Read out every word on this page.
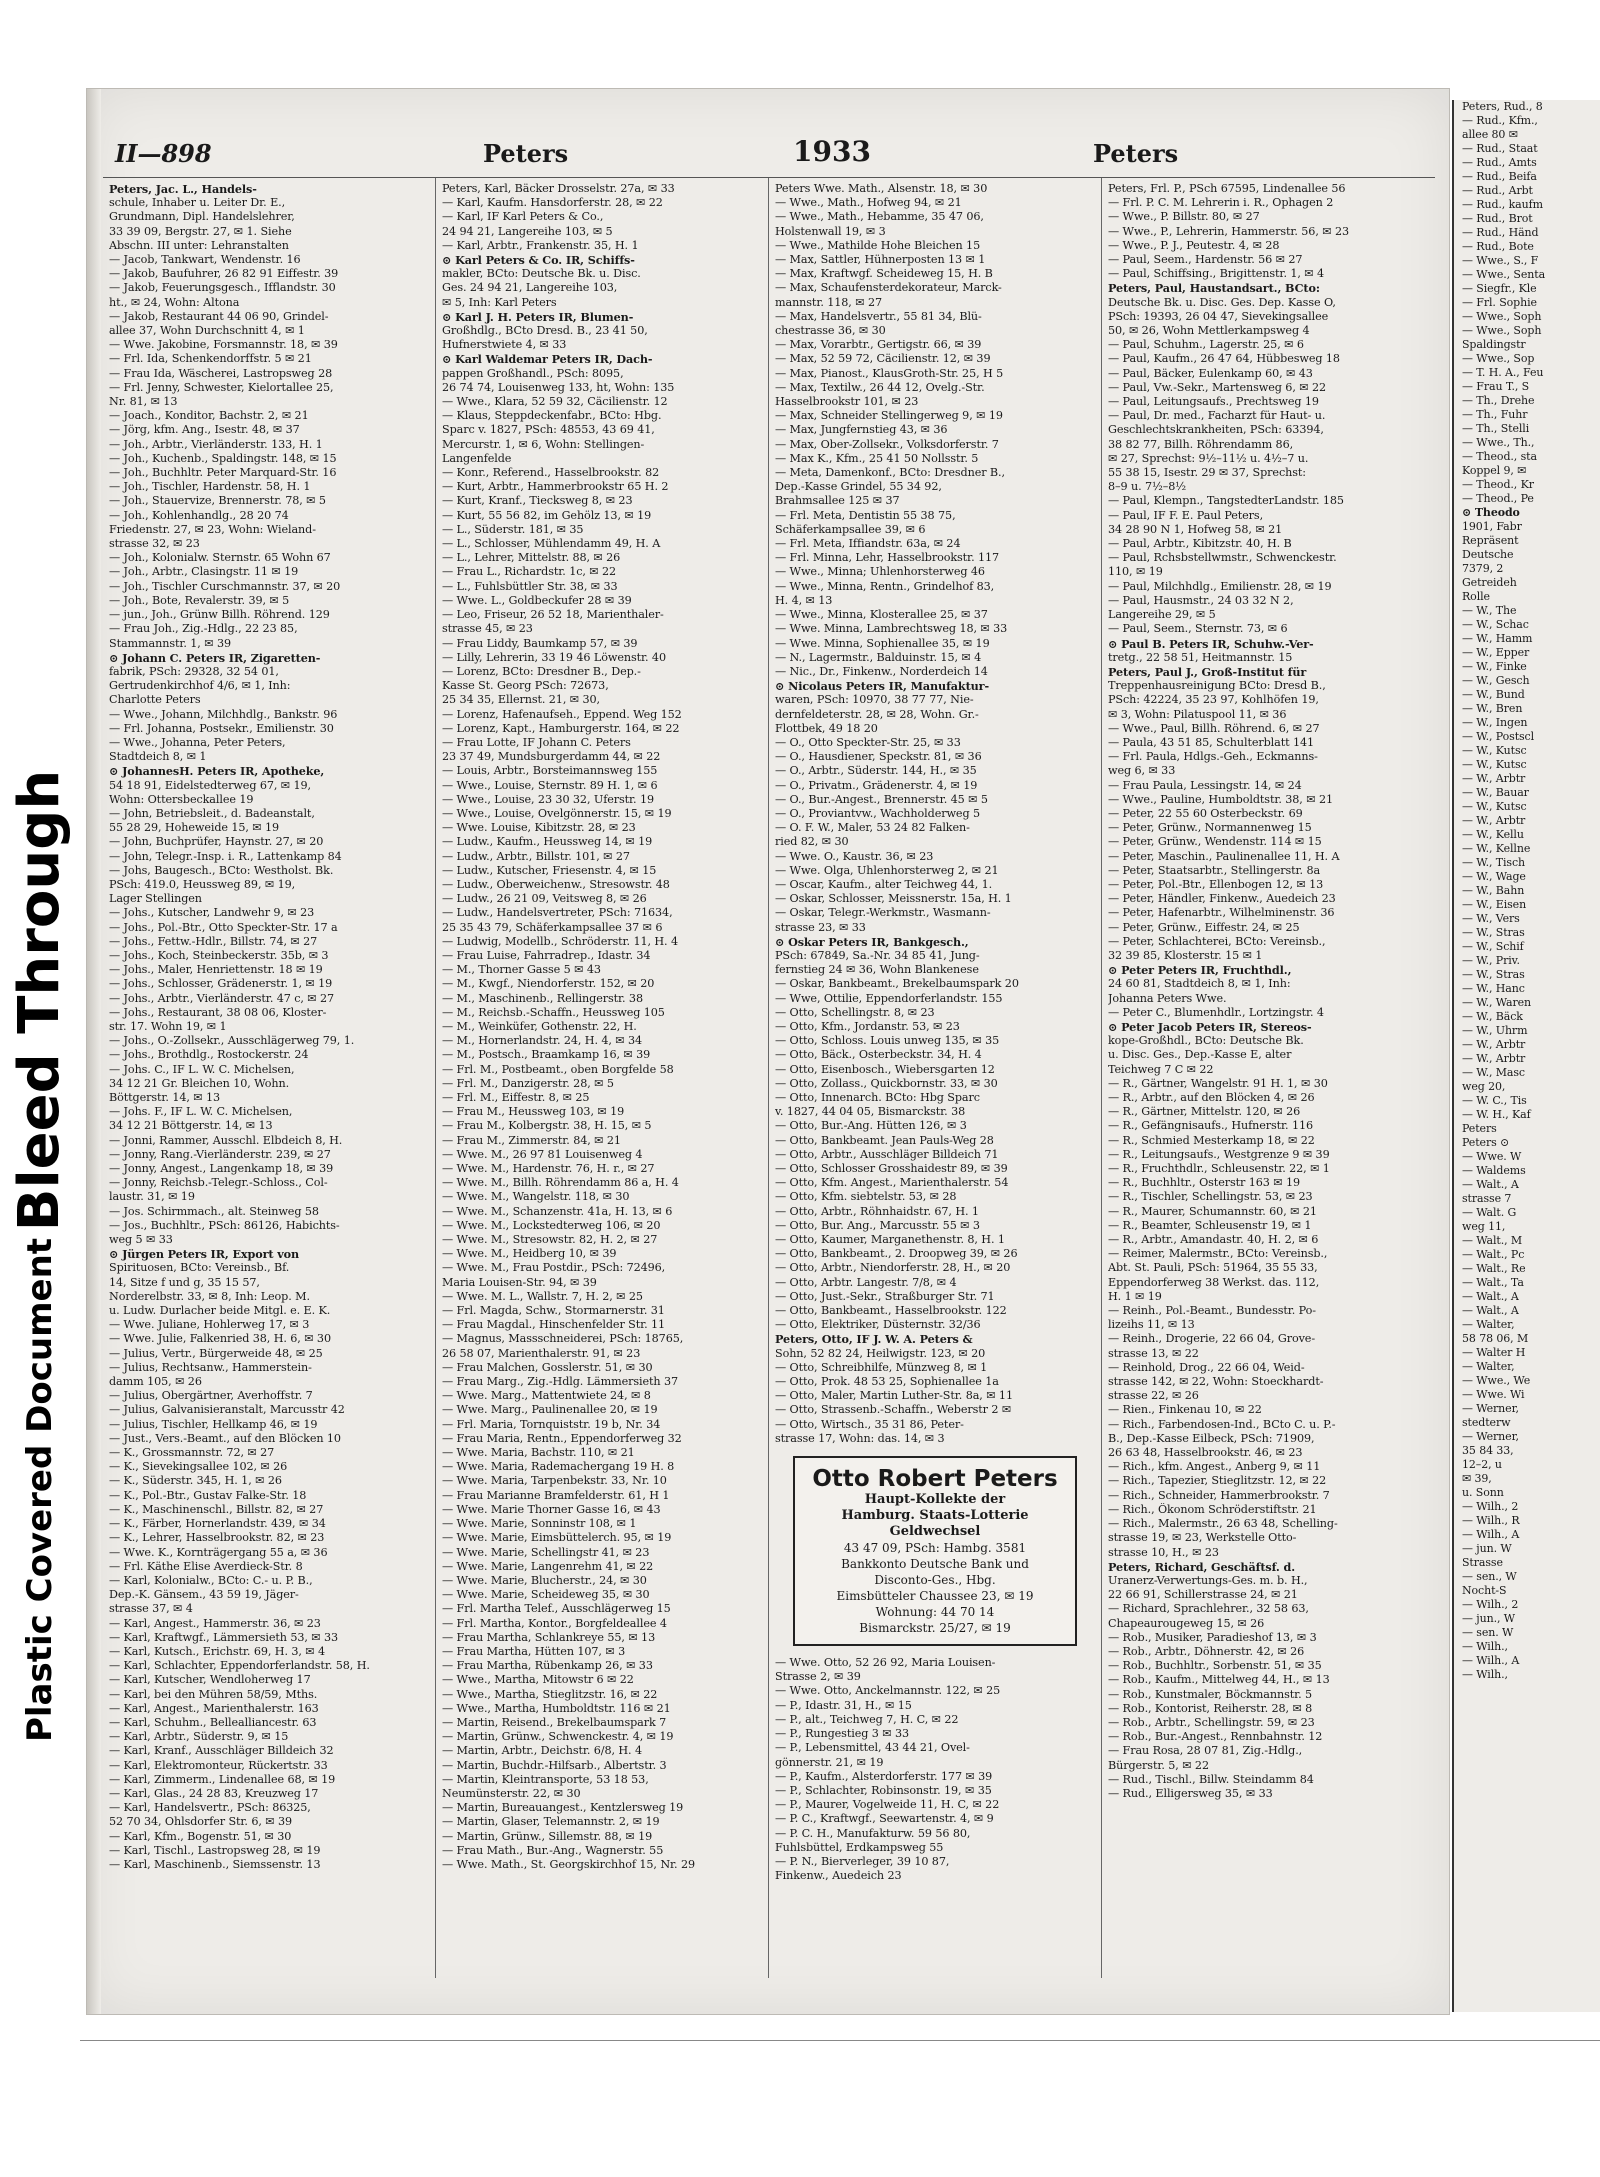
Bleed Through
Plastic Covered Document
II—898	Peters	1933	Peters
Peters, Jac. L., Handels-
schule, Inhaber u. Leiter Dr. E.,
Grundmann, Dipl. Handelslehrer,
33 39 09, Bergstr. 27, ✉ 1. Siehe
Abschn. III unter: Lehranstalten
— Jacob, Tankwart, Wendenstr. 16
— Jakob, Baufuhrer, 26 82 91 Eiffestr. 39
— Jakob, Feuerungsgesch., Ifflandstr. 30
ht., ✉ 24, Wohn: Altona
— Jakob, Restaurant 44 06 90, Grindel-
allee 37, Wohn Durchschnitt 4, ✉ 1
— Wwe. Jakobine, Forsmannstr. 18, ✉ 39
— Frl. Ida, Schenkendorffstr. 5 ✉ 21
— Frau Ida, Wäscherei, Lastropsweg 28
— Frl. Jenny, Schwester, Kielortallee 25,
Nr. 81, ✉ 13
— Joach., Konditor, Bachstr. 2, ✉ 21
— Jörg, kfm. Ang., Isestr. 48, ✉ 37
— Joh., Arbtr., Vierländerstr. 133, H. 1
— Joh., Kuchenb., Spaldingstr. 148, ✉ 15
— Joh., Buchhltr. Peter Marquard-Str. 16
— Joh., Tischler, Hardenstr. 58, H. 1
— Joh., Stauervize, Brennerstr. 78, ✉ 5
— Joh., Kohlenhandlg., 28 20 74
Friedenstr. 27, ✉ 23, Wohn: Wieland-
strasse 32, ✉ 23
— Joh., Kolonialw. Sternstr. 65 Wohn 67
— Joh., Arbtr., Clasingstr. 11 ✉ 19
— Joh., Tischler Curschmannstr. 37, ✉ 20
— Joh., Bote, Revalerstr. 39, ✉ 5
— jun., Joh., Grünw Billh. Röhrend. 129
— Frau Joh., Zig.-Hdlg., 22 23 85,
Stammannstr. 1, ✉ 39
⊙ Johann C. Peters IR, Zigaretten-
fabrik, PSch: 29328, 32 54 01,
Gertrudenkirchhof 4/6, ✉ 1, Inh:
Charlotte Peters
— Wwe., Johann, Milchhdlg., Bankstr. 96
— Frl. Johanna, Postsekr., Emilienstr. 30
— Wwe., Johanna, Peter Peters,
Stadtdeich 8, ✉ 1
⊙ JohannesH. Peters IR, Apotheke,
54 18 91, Eidelstedterweg 67, ✉ 19,
Wohn: Ottersbeckallee 19
— John, Betriebsleit., d. Badeanstalt,
55 28 29, Hoheweide 15, ✉ 19
— John, Buchprüfer, Haynstr. 27, ✉ 20
— John, Telegr.-Insp. i. R., Lattenkamp 84
— Johs, Baugesch., BCto: Westholst. Bk.
PSch: 419.0, Heussweg 89, ✉ 19,
Lager Stellingen
— Johs., Kutscher, Landwehr 9, ✉ 23
— Johs., Pol.-Btr., Otto Speckter-Str. 17 a
— Johs., Fettw.-Hdlr., Billstr. 74, ✉ 27
— Johs., Koch, Steinbeckerstr. 35b, ✉ 3
— Johs., Maler, Henriettenstr. 18 ✉ 19
— Johs., Schlosser, Grädenerstr. 1, ✉ 19
— Johs., Arbtr., Vierländerstr. 47 c, ✉ 27
— Johs., Restaurant, 38 08 06, Kloster-
str. 17. Wohn 19, ✉ 1
— Johs., O.-Zollsekr., Ausschlägerweg 79, 1.
— Johs., Brothdlg., Rostockerstr. 24
— Johs. C., IF L. W. C. Michelsen,
34 12 21 Gr. Bleichen 10, Wohn.
Böttgerstr. 14, ✉ 13
— Johs. F., IF L. W. C. Michelsen,
34 12 21 Böttgerstr. 14, ✉ 13
— Jonni, Rammer, Ausschl. Elbdeich 8, H.
— Jonny, Rang.-Vierländerstr. 239, ✉ 27
— Jonny, Angest., Langenkamp 18, ✉ 39
— Jonny, Reichsb.-Telegr.-Schloss., Col-
laustr. 31, ✉ 19
— Jos. Schirmmach., alt. Steinweg 58
— Jos., Buchhltr., PSch: 86126, Habichts-
weg 5 ✉ 33
⊙ Jürgen Peters IR, Export von
Spirituosen, BCto: Vereinsb., Bf.
14, Sitze f und g, 35 15 57,
Norderelbstr. 33, ✉ 8, Inh: Leop. M.
u. Ludw. Durlacher beide Mitgl. e. E. K.
— Wwe. Juliane, Hohlerweg 17, ✉ 3
— Wwe. Julie, Falkenried 38, H. 6, ✉ 30
— Julius, Vertr., Bürgerweide 48, ✉ 25
— Julius, Rechtsanw., Hammerstein-
damm 105, ✉ 26
— Julius, Obergärtner, Averhoffstr. 7
— Julius, Galvanisieranstalt, Marcusstr 42
— Julius, Tischler, Hellkamp 46, ✉ 19
— Just., Vers.-Beamt., auf den Blöcken 10
— K., Grossmannstr. 72, ✉ 27
— K., Sievekingsallee 102, ✉ 26
— K., Süderstr. 345, H. 1, ✉ 26
— K., Pol.-Btr., Gustav Falke-Str. 18
— K., Maschinenschl., Billstr. 82, ✉ 27
— K., Färber, Hornerlandstr. 439, ✉ 34
— K., Lehrer, Hasselbrookstr. 82, ✉ 23
— Wwe. K., Kornträgergang 55 a, ✉ 36
— Frl. Käthe Elise Averdieck-Str. 8
— Karl, Kolonialw., BCto: C.- u. P. B.,
Dep.-K. Gänsem., 43 59 19, Jäger-
strasse 37, ✉ 4
— Karl, Angest., Hammerstr. 36, ✉ 23
— Karl, Kraftwgf., Lämmersieth 53, ✉ 33
— Karl, Kutsch., Erichstr. 69, H. 3, ✉ 4
— Karl, Schlachter, Eppendorferlandstr. 58, H.
— Karl, Kutscher, Wendloherweg 17
— Karl, bei den Mühren 58/59, Mths.
— Karl, Angest., Marienthalerstr. 163
— Karl, Schuhm., Bellealliancestr. 63
— Karl, Arbtr., Süderstr. 9, ✉ 15
— Karl, Kranf., Ausschläger Billdeich 32
— Karl, Elektromonteur, Rückertstr. 33
— Karl, Zimmerm., Lindenallee 68, ✉ 19
— Karl, Glas., 24 28 83, Kreuzweg 17
— Karl, Handelsvertr., PSch: 86325,
52 70 34, Ohlsdorfer Str. 6, ✉ 39
— Karl, Kfm., Bogenstr. 51, ✉ 30
— Karl, Tischl., Lastropsweg 28, ✉ 19
— Karl, Maschinenb., Siemssenstr. 13
Peters, Karl, Bäcker Drosselstr. 27a, ✉ 33
— Karl, Kaufm. Hansdorferstr. 28, ✉ 22
— Karl, IF Karl Peters & Co.,
24 94 21, Langereihe 103, ✉ 5
— Karl, Arbtr., Frankenstr. 35, H. 1
⊙ Karl Peters & Co. IR, Schiffs-
makler, BCto: Deutsche Bk. u. Disc.
Ges. 24 94 21, Langereihe 103,
✉ 5, Inh: Karl Peters
⊙ Karl J. H. Peters IR, Blumen-
Großhdlg., BCto Dresd. B., 23 41 50,
Hufnerstwiete 4, ✉ 33
⊙ Karl Waldemar Peters IR, Dach-
pappen Großhandl., PSch: 8095,
26 74 74, Louisenweg 133, ht, Wohn: 135
— Wwe., Klara, 52 59 32, Cäcilienstr. 12
— Klaus, Steppdeckenfabr., BCto: Hbg.
Sparc v. 1827, PSch: 48553, 43 69 41,
Mercurstr. 1, ✉ 6, Wohn: Stellingen-
Langenfelde
— Konr., Referend., Hasselbrookstr. 82
— Kurt, Arbtr., Hammerbrookstr 65 H. 2
— Kurt, Kranf., Tiecksweg 8, ✉ 23
— Kurt, 55 56 82, im Gehölz 13, ✉ 19
— L., Süderstr. 181, ✉ 35
— L., Schlosser, Mühlendamm 49, H. A
— L., Lehrer, Mittelstr. 88, ✉ 26
— Frau L., Richardstr. 1c, ✉ 22
— L., Fuhlsbüttler Str. 38, ✉ 33
— Wwe. L., Goldbeckufer 28 ✉ 39
— Leo, Friseur, 26 52 18, Marienthaler-
strasse 45, ✉ 23
— Frau Liddy, Baumkamp 57, ✉ 39
— Lilly, Lehrerin, 33 19 46 Löwenstr. 40
— Lorenz, BCto: Dresdner B., Dep.-
Kasse St. Georg PSch: 72673,
25 34 35, Ellernst. 21, ✉ 30,
— Lorenz, Hafenaufseh., Eppend. Weg 152
— Lorenz, Kapt., Hamburgerstr. 164, ✉ 22
— Frau Lotte, IF Johann C. Peters
23 37 49, Mundsburgerdamm 44, ✉ 22
— Louis, Arbtr., Borsteimannsweg 155
— Wwe., Louise, Sternstr. 89 H. 1, ✉ 6
— Wwe., Louise, 23 30 32, Uferstr. 19
— Wwe., Louise, Ovelgönnerstr. 15, ✉ 19
— Wwe. Louise, Kibitzstr. 28, ✉ 23
— Ludw., Kaufm., Heussweg 14, ✉ 19
— Ludw., Arbtr., Billstr. 101, ✉ 27
— Ludw., Kutscher, Friesenstr. 4, ✉ 15
— Ludw., Oberweichenw., Stresowstr. 48
— Ludw., 26 21 09, Veitsweg 8, ✉ 26
— Ludw., Handelsvertreter, PSch: 71634,
25 35 43 79, Schäferkampsallee 37 ✉ 6
— Ludwig, Modellb., Schröderstr. 11, H. 4
— Frau Luise, Fahrradrep., Idastr. 34
— M., Thorner Gasse 5 ✉ 43
— M., Kwgf., Niendorferstr. 152, ✉ 20
— M., Maschinenb., Rellingerstr. 38
— M., Reichsb.-Schaffn., Heussweg 105
— M., Weinküfer, Gothenstr. 22, H.
— M., Hornerlandstr. 24, H. 4, ✉ 34
— M., Postsch., Braamkamp 16, ✉ 39
— Frl. M., Postbeamt., oben Borgfelde 58
— Frl. M., Danzigerstr. 28, ✉ 5
— Frl. M., Eiffestr. 8, ✉ 25
— Frau M., Heussweg 103, ✉ 19
— Frau M., Kolbergstr. 38, H. 15, ✉ 5
— Frau M., Zimmerstr. 84, ✉ 21
— Wwe. M., 26 97 81 Louisenweg 4
— Wwe. M., Hardenstr. 76, H. r., ✉ 27
— Wwe. M., Billh. Röhrendamm 86 a, H. 4
— Wwe. M., Wangelstr. 118, ✉ 30
— Wwe. M., Schanzenstr. 41a, H. 13, ✉ 6
— Wwe. M., Lockstedterweg 106, ✉ 20
— Wwe. M., Stresowstr. 82, H. 2, ✉ 27
— Wwe. M., Heidberg 10, ✉ 39
— Wwe. M., Frau Postdir., PSch: 72496,
Maria Louisen-Str. 94, ✉ 39
— Wwe. M. L., Wallstr. 7, H. 2, ✉ 25
— Frl. Magda, Schw., Stormarnerstr. 31
— Frau Magdal., Hinschenfelder Str. 11
— Magnus, Massschneiderei, PSch: 18765,
26 58 07, Marienthalerstr. 91, ✉ 23
— Frau Malchen, Gosslerstr. 51, ✉ 30
— Frau Marg., Zig.-Hdlg. Lämmersieth 37
— Wwe. Marg., Mattentwiete 24, ✉ 8
— Wwe. Marg., Paulinenallee 20, ✉ 19
— Frl. Maria, Tornquiststr. 19 b, Nr. 34
— Frau Maria, Rentn., Eppendorferweg 32
— Wwe. Maria, Bachstr. 110, ✉ 21
— Wwe. Maria, Rademachergang 19 H. 8
— Wwe. Maria, Tarpenbekstr. 33, Nr. 10
— Frau Marianne Bramfelderstr. 61, H 1
— Wwe. Marie Thorner Gasse 16, ✉ 43
— Wwe. Marie, Sonninstr 108, ✉ 1
— Wwe. Marie, Eimsbüttelerch. 95, ✉ 19
— Wwe. Marie, Schellingstr 41, ✉ 23
— Wwe. Marie, Langenrehm 41, ✉ 22
— Wwe. Marie, Blucherstr., 24, ✉ 30
— Wwe. Marie, Scheideweg 35, ✉ 30
— Frl. Martha Telef., Ausschlägerweg 15
— Frl. Martha, Kontor., Borgfeldeallee 4
— Frau Martha, Schlankreye 55, ✉ 13
— Frau Martha, Hütten 107, ✉ 3
— Frau Martha, Rübenkamp 26, ✉ 33
— Wwe., Martha, Mitowstr 6 ✉ 22
— Wwe., Martha, Stieglitzstr. 16, ✉ 22
— Wwe., Martha, Humboldtstr. 116 ✉ 21
— Martin, Reisend., Brekelbaumspark 7
— Martin, Grünw., Schwenckestr. 4, ✉ 19
— Martin, Arbtr., Deichstr. 6/8, H. 4
— Martin, Buchdr.-Hilfsarb., Albertstr. 3
— Martin, Kleintransporte, 53 18 53,
Neumünsterstr. 22, ✉ 30
— Martin, Bureauangest., Kentzlersweg 19
— Martin, Glaser, Telemannstr. 2, ✉ 19
— Martin, Grünw., Sillemstr. 88, ✉ 19
— Frau Math., Bur.-Ang., Wagnerstr. 55
— Wwe. Math., St. Georgskirchhof 15, Nr. 29
Peters Wwe. Math., Alsenstr. 18, ✉ 30
— Wwe., Math., Hofweg 94, ✉ 21
— Wwe., Math., Hebamme, 35 47 06,
Holstenwall 19, ✉ 3
— Wwe., Mathilde Hohe Bleichen 15
— Max, Sattler, Hühnerposten 13 ✉ 1
— Max, Kraftwgf. Scheideweg 15, H. B
— Max, Schaufensterdekorateur, Marck-
mannstr. 118, ✉ 27
— Max, Handelsvertr., 55 81 34, Blü-
chestrasse 36, ✉ 30
— Max, Vorarbtr., Gertigstr. 66, ✉ 39
— Max, 52 59 72, Cäcilienstr. 12, ✉ 39
— Max, Pianost., KlausGroth-Str. 25, H 5
— Max, Textilw., 26 44 12, Ovelg.-Str.
Hasselbrookstr 101, ✉ 23
— Max, Schneider Stellingerweg 9, ✉ 19
— Max, Jungfernstieg 43, ✉ 36
— Max, Ober-Zollsekr., Volksdorferstr. 7
— Max K., Kfm., 25 41 50 Nollsstr. 5
— Meta, Damenkonf., BCto: Dresdner B.,
Dep.-Kasse Grindel, 55 34 92,
Brahmsallee 125 ✉ 37
— Frl. Meta, Dentistin 55 38 75,
Schäferkampsallee 39, ✉ 6
— Frl. Meta, Iffiandstr. 63a, ✉ 24
— Frl. Minna, Lehr, Hasselbrookstr. 117
— Wwe., Minna; Uhlenhorsterweg 46
— Wwe., Minna, Rentn., Grindelhof 83,
H. 4, ✉ 13
— Wwe., Minna, Klosterallee 25, ✉ 37
— Wwe. Minna, Lambrechtsweg 18, ✉ 33
— Wwe. Minna, Sophienallee 35, ✉ 19
— N., Lagermstr., Balduinstr. 15, ✉ 4
— Nic., Dr., Finkenw., Norderdeich 14
⊙ Nicolaus Peters IR, Manufaktur-
waren, PSch: 10970, 38 77 77, Nie-
dernfeldeterstr. 28, ✉ 28, Wohn. Gr.-
Flottbek, 49 18 20
— O., Otto Speckter-Str. 25, ✉ 33
— O., Hausdiener, Speckstr. 81, ✉ 36
— O., Arbtr., Süderstr. 144, H., ✉ 35
— O., Privatm., Grädenerstr. 4, ✉ 19
— O., Bur.-Angest., Brennerstr. 45 ✉ 5
— O., Proviantvw., Wachholderweg 5
— O. F. W., Maler, 53 24 82 Falken-
ried 82, ✉ 30
— Wwe. O., Kaustr. 36, ✉ 23
— Wwe. Olga, Uhlenhorsterweg 2, ✉ 21
— Oscar, Kaufm., alter Teichweg 44, 1.
— Oskar, Schlosser, Meissnerstr. 15a, H. 1
— Oskar, Telegr.-Werkmstr., Wasmann-
strasse 23, ✉ 33
⊙ Oskar Peters IR, Bankgesch.,
PSch: 67849, Sa.-Nr. 34 85 41, Jung-
fernstieg 24 ✉ 36, Wohn Blankenese
— Oskar, Bankbeamt., Brekelbaumspark 20
— Wwe, Ottilie, Eppendorferlandstr. 155
— Otto, Schellingstr. 8, ✉ 23
— Otto, Kfm., Jordanstr. 53, ✉ 23
— Otto, Schloss. Louis unweg 135, ✉ 35
— Otto, Bäck., Osterbeckstr. 34, H. 4
— Otto, Eisenbosch., Wiebersgarten 12
— Otto, Zollass., Quickbornstr. 33, ✉ 30
— Otto, Innenarch. BCto: Hbg Sparc
v. 1827, 44 04 05, Bismarckstr. 38
— Otto, Bur.-Ang. Hütten 126, ✉ 3
— Otto, Bankbeamt. Jean Pauls-Weg 28
— Otto, Arbtr., Ausschläger Billdeich 71
— Otto, Schlosser Grosshaidestr 89, ✉ 39
— Otto, Kfm. Angest., Marienthalerstr. 54
— Otto, Kfm. siebtelstr. 53, ✉ 28
— Otto, Arbtr., Röhnhaidstr. 67, H. 1
— Otto, Bur. Ang., Marcusstr. 55 ✉ 3
— Otto, Kaumer, Marganethenstr. 8, H. 1
— Otto, Bankbeamt., 2. Droopweg 39, ✉ 26
— Otto, Arbtr., Niendorferstr. 28, H., ✉ 20
— Otto, Arbtr. Langestr. 7/8, ✉ 4
— Otto, Just.-Sekr., Straßburger Str. 71
— Otto, Bankbeamt., Hasselbrookstr. 122
— Otto, Elektriker, Düsternstr. 32/36
Peters, Otto, IF J. W. A. Peters &
Sohn, 52 82 24, Heilwigstr. 123, ✉ 20
— Otto, Schreibhilfe, Münzweg 8, ✉ 1
— Otto, Prok. 48 53 25, Sophienallee 1a
— Otto, Maler, Martin Luther-Str. 8a, ✉ 11
— Otto, Strassenb.-Schaffn., Weberstr 2 ✉
— Otto, Wirtsch., 35 31 86, Peter-
strasse 17, Wohn: das. 14, ✉ 3
Otto Robert Peters
Haupt-Kollekte der
Hamburg. Staats-Lotterie
Geldwechsel
43 47 09, PSch: Hambg. 3581
Bankkonto Deutsche Bank und
Disconto-Ges., Hbg.
Eimsbütteler Chaussee 23, ✉ 19
Wohnung: 44 70 14
Bismarckstr. 25/27, ✉ 19
— Wwe. Otto, 52 26 92, Maria Louisen-
Strasse 2, ✉ 39
— Wwe. Otto, Anckelmannstr. 122, ✉ 25
— P., Idastr. 31, H., ✉ 15
— P., alt., Teichweg 7, H. C, ✉ 22
— P., Rungestieg 3 ✉ 33
— P., Lebensmittel, 43 44 21, Ovel-
gönnerstr. 21, ✉ 19
— P., Kaufm., Alsterdorferstr. 177 ✉ 39
— P., Schlachter, Robinsonstr. 19, ✉ 35
— P., Maurer, Vogelweide 11, H. C, ✉ 22
— P. C., Kraftwgf., Seewartenstr. 4, ✉ 9
— P. C. H., Manufakturw. 59 56 80,
Fuhlsbüttel, Erdkampsweg 55
— P. N., Bierverleger, 39 10 87,
Finkenw., Auedeich 23
Peters, Frl. P., PSch 67595, Lindenallee 56
— Frl. P. C. M. Lehrerin i. R., Ophagen 2
— Wwe., P. Billstr. 80, ✉ 27
— Wwe., P., Lehrerin, Hammerstr. 56, ✉ 23
— Wwe., P. J., Peutestr. 4, ✉ 28
— Paul, Seem., Hardenstr. 56 ✉ 27
— Paul, Schiffsing., Brigittenstr. 1, ✉ 4
Peters, Paul, Haustandsart., BCto:
Deutsche Bk. u. Disc. Ges. Dep. Kasse O,
PSch: 19393, 26 04 47, Sievekingsallee
50, ✉ 26, Wohn Mettlerkampsweg 4
— Paul, Schuhm., Lagerstr. 25, ✉ 6
— Paul, Kaufm., 26 47 64, Hübbesweg 18
— Paul, Bäcker, Eulenkamp 60, ✉ 43
— Paul, Vw.-Sekr., Martensweg 6, ✉ 22
— Paul, Leitungsaufs., Prechtsweg 19
— Paul, Dr. med., Facharzt für Haut- u.
Geschlechtskrankheiten, PSch: 63394,
38 82 77, Billh. Röhrendamm 86,
✉ 27, Sprechst: 9½–11½ u. 4½–7 u.
55 38 15, Isestr. 29 ✉ 37, Sprechst:
8–9 u. 7½–8½
— Paul, Klempn., TangstedterLandstr. 185
— Paul, IF F. E. Paul Peters,
34 28 90 N 1, Hofweg 58, ✉ 21
— Paul, Arbtr., Kibitzstr. 40, H. B
— Paul, Rchsbstellwmstr., Schwenckestr.
110, ✉ 19
— Paul, Milchhdlg., Emilienstr. 28, ✉ 19
— Paul, Hausmstr., 24 03 32 N 2,
Langereihe 29, ✉ 5
— Paul, Seem., Sternstr. 73, ✉ 6
⊙ Paul B. Peters IR, Schuhw.-Ver-
tretg., 22 58 51, Heitmannstr. 15
Peters, Paul J., Groß-Institut für
Treppenhausreinigung BCto: Dresd B.,
PSch: 42224, 35 23 97, Kohlhöfen 19,
✉ 3, Wohn: Pilatuspool 11, ✉ 36
— Wwe., Paul, Billh. Röhrend. 6, ✉ 27
— Paula, 43 51 85, Schulterblatt 141
— Frl. Paula, Hdlgs.-Geh., Eckmanns-
weg 6, ✉ 33
— Frau Paula, Lessingstr. 14, ✉ 24
— Wwe., Pauline, Humboldtstr. 38, ✉ 21
— Peter, 22 55 60 Osterbeckstr. 69
— Peter, Grünw., Normannenweg 15
— Peter, Grünw., Wendenstr. 114 ✉ 15
— Peter, Maschin., Paulinenallee 11, H. A
— Peter, Staatsarbtr., Stellingerstr. 8a
— Peter, Pol.-Btr., Ellenbogen 12, ✉ 13
— Peter, Händler, Finkenw., Auedeich 23
— Peter, Hafenarbtr., Wilhelminenstr. 36
— Peter, Grünw., Eiffestr. 24, ✉ 25
— Peter, Schlachterei, BCto: Vereinsb.,
32 39 85, Klosterstr. 15 ✉ 1
⊙ Peter Peters IR, Fruchthdl.,
24 60 81, Stadtdeich 8, ✉ 1, Inh:
Johanna Peters Wwe.
— Peter C., Blumenhdlr., Lortzingstr. 4
⊙ Peter Jacob Peters IR, Stereos-
kope-Großhdl., BCto: Deutsche Bk.
u. Disc. Ges., Dep.-Kasse E, alter
Teichweg 7 C ✉ 22
— R., Gärtner, Wangelstr. 91 H. 1, ✉ 30
— R., Arbtr., auf den Blöcken 4, ✉ 26
— R., Gärtner, Mittelstr. 120, ✉ 26
— R., Gefängnisaufs., Hufnerstr. 116
— R., Schmied Mesterkamp 18, ✉ 22
— R., Leitungsaufs., Westgrenze 9 ✉ 39
— R., Fruchthdlr., Schleusenstr. 22, ✉ 1
— R., Buchhltr., Osterstr 163 ✉ 19
— R., Tischler, Schellingstr. 53, ✉ 23
— R., Maurer, Schumannstr. 60, ✉ 21
— R., Beamter, Schleusenstr 19, ✉ 1
— R., Arbtr., Amandastr. 40, H. 2, ✉ 6
— Reimer, Malermstr., BCto: Vereinsb.,
Abt. St. Pauli, PSch: 51964, 35 55 33,
Eppendorferweg 38 Werkst. das. 112,
H. 1 ✉ 19
— Reinh., Pol.-Beamt., Bundesstr. Po-
lizeihs 11, ✉ 13
— Reinh., Drogerie, 22 66 04, Grove-
strasse 13, ✉ 22
— Reinhold, Drog., 22 66 04, Weid-
strasse 142, ✉ 22, Wohn: Stoeckhardt-
strasse 22, ✉ 26
— Rien., Finkenau 10, ✉ 22
— Rich., Farbendosen-Ind., BCto C. u. P.-
B., Dep.-Kasse Eilbeck, PSch: 71909,
26 63 48, Hasselbrookstr. 46, ✉ 23
— Rich., kfm. Angest., Anberg 9, ✉ 11
— Rich., Tapezier, Stieglitzstr. 12, ✉ 22
— Rich., Schneider, Hammerbrookstr. 7
— Rich., Ökonom Schröderstiftstr. 21
— Rich., Malermstr., 26 63 48, Schelling-
strasse 19, ✉ 23, Werkstelle Otto-
strasse 10, H., ✉ 23
Peters, Richard, Geschäftsf. d.
Uranerz-Verwertungs-Ges. m. b. H.,
22 66 91, Schillerstrasse 24, ✉ 21
— Richard, Sprachlehrer., 32 58 63,
Chapeaurougeweg 15, ✉ 26
— Rob., Musiker, Paradieshof 13, ✉ 3
— Rob., Arbtr., Döhnerstr. 42, ✉ 26
— Rob., Buchhltr., Sorbenstr. 51, ✉ 35
— Rob., Kaufm., Mittelweg 44, H., ✉ 13
— Rob., Kunstmaler, Böckmannstr. 5
— Rob., Kontorist, Reiherstr. 28, ✉ 8
— Rob., Arbtr., Schellingstr. 59, ✉ 23
— Rob., Bur.-Angest., Rennbahnstr. 12
— Frau Rosa, 28 07 81, Zig.-Hdlg.,
Bürgerstr. 5, ✉ 22
— Rud., Tischl., Billw. Steindamm 84
— Rud., Elligersweg 35, ✉ 33
Peters, Rud., 8
— Rud., Kfm.,
allee 80 ✉
— Rud., Staat
— Rud., Amts
— Rud., Beifa
— Rud., Arbt
— Rud., kaufm
— Rud., Brot
— Rud., Händ
— Rud., Bote
— Wwe., S., F
— Wwe., Senta
— Siegfr., Kle
— Frl. Sophie
— Wwe., Soph
— Wwe., Soph
Spaldingstr
— Wwe., Sop
— T. H. A., Feu
— Frau T., S
— Th., Drehe
— Th., Fuhr
— Th., Stelli
— Wwe., Th.,
— Theod., sta
Koppel 9, ✉
— Theod., Kr
— Theod., Pe
⊙ Theodo
1901, Fabr
Repräsent
Deutsche
7379, 2
Getreideh
Rolle
— W., The
— W., Schac
— W., Hamm
— W., Epper
— W., Finke
— W., Gesch
— W., Bund
— W., Bren
— W., Ingen
— W., Postscl
— W., Kutsc
— W., Kutsc
— W., Arbtr
— W., Bauar
— W., Kutsc
— W., Arbtr
— W., Kellu
— W., Kellne
— W., Tisch
— W., Wage
— W., Bahn
— W., Eisen
— W., Vers
— W., Stras
— W., Schif
— W., Priv.
— W., Stras
— W., Hanc
— W., Waren
— W., Bäck
— W., Uhrm
— W., Arbtr
— W., Arbtr
— W., Masc
weg 20,
— W. C., Tis
— W. H., Kaf
Peters
Peters ⊙
— Wwe. W
— Waldems
— Walt., A
strasse 7
— Walt. G
weg 11,
— Walt., M
— Walt., Pc
— Walt., Re
— Walt., Ta
— Walt., A
— Walt., A
— Walter,
58 78 06, M
— Walter H
— Walter,
— Wwe., We
— Wwe. Wi
— Werner,
stedterw
— Werner,
35 84 33,
12–2, u
✉ 39,
u. Sonn
— Wilh., 2
— Wilh., R
— Wilh., A
— jun. W
Strasse
— sen., W
Nocht-S
— Wilh., 2
— jun., W
— sen. W
— Wilh.,
— Wilh., A
— Wilh.,
